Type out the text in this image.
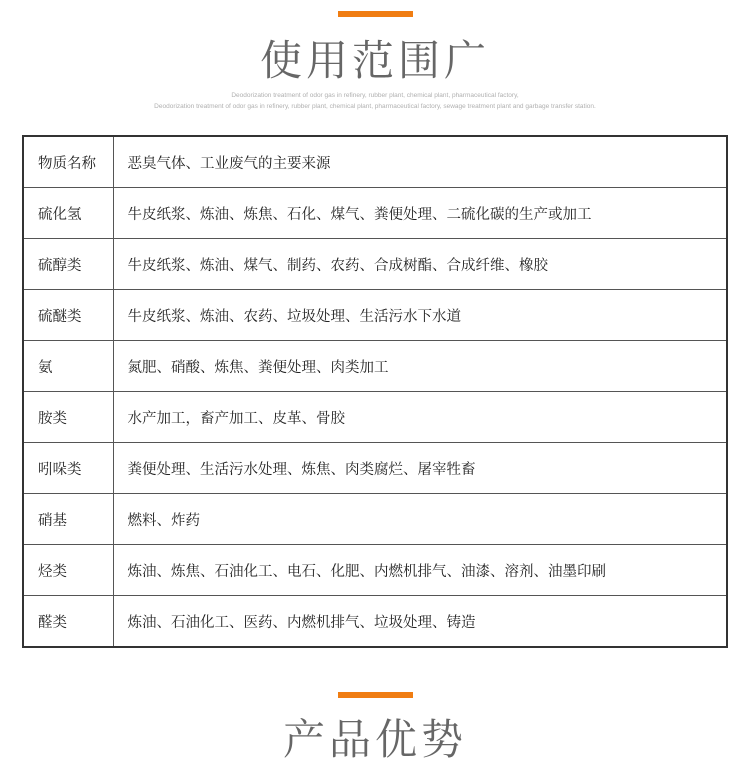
使用范围广
Deodorization treatment of odor gas in refinery, rubber plant, chemical plant, pharmaceutical factory,
Deodorization treatment of odor gas in refinery, rubber plant, chemical plant, pharmaceutical factory, sewage treatment plant and garbage transfer station.
物质名称	恶臭气体、工业废气的主要来源
硫化氢	牛皮纸浆、炼油、炼焦、石化、煤气、粪便处理、二硫化碳的生产或加工
硫醇类	牛皮纸浆、炼油、煤气、制药、农药、合成树酯、合成纤维、橡胶
硫醚类	牛皮纸浆、炼油、农药、垃圾处理、生活污水下水道
氨	氮肥、硝酸、炼焦、粪便处理、肉类加工
胺类	水产加工，畜产加工、皮革、骨胶
吲哚类	粪便处理、生活污水处理、炼焦、肉类腐烂、屠宰牲畜
硝基	燃料、炸药
烃类	炼油、炼焦、石油化工、电石、化肥、内燃机排气、油漆、溶剂、油墨印刷
醛类	炼油、石油化工、医药、内燃机排气、垃圾处理、铸造
产品优势
